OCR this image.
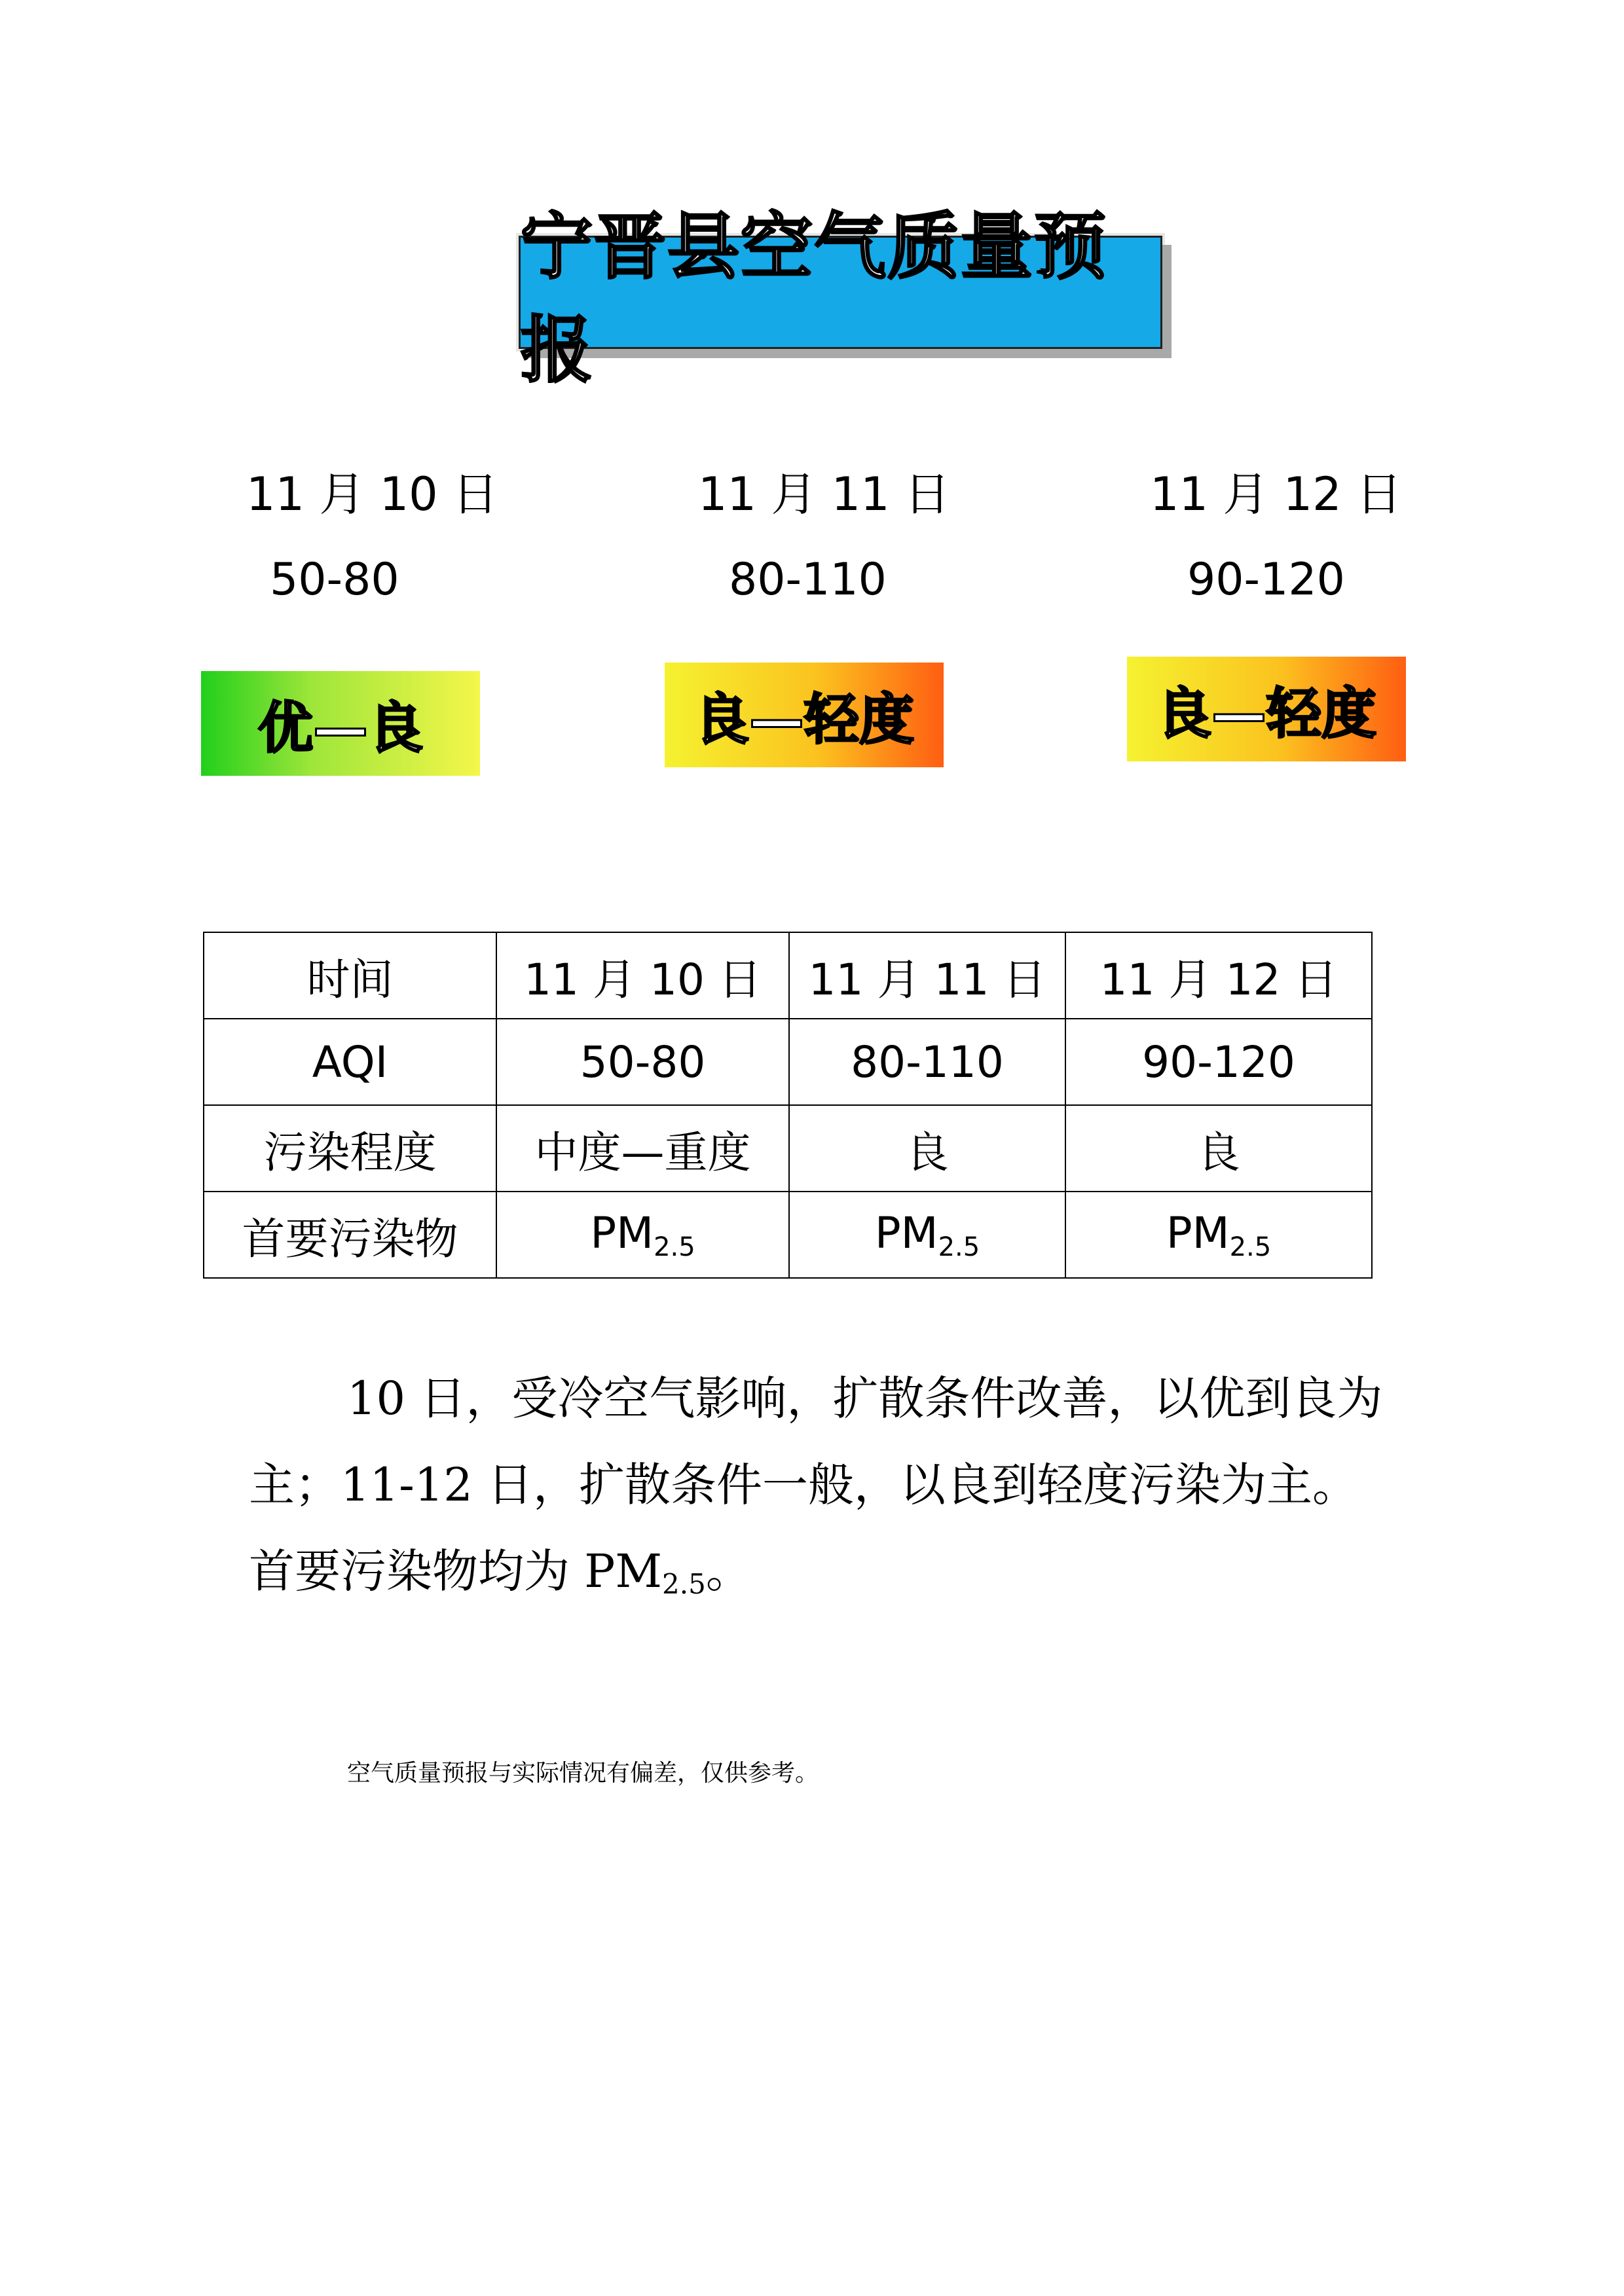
宁晋县空气质量预报
11 月 10 日
50-80
优—良
11 月 11 日
80-110
良—轻度
11 月 12 日
90-120
良—轻度
时间	11 月 10 日	11 月 11 日	11 月 12 日
AQI	50-80	80-110	90-120
污染程度	中度—重度	良	良
首要污染物	PM2.5	PM2.5	PM2.5
10 日，受冷空气影响，扩散条件改善，以优到良为主；11-12 日，扩散条件一般，以良到轻度污染为主。首要污染物均为 PM2.5。
空气质量预报与实际情况有偏差，仅供参考。
